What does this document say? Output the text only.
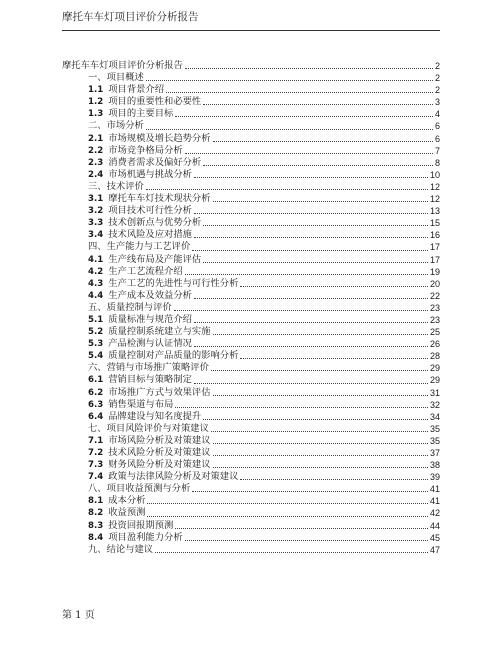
摩托车车灯项目评价分析报告
摩托车车灯项目评价分析报告	2
一、项目概述	2
1.1 项目背景介绍	2
1.2 项目的重要性和必要性	3
1.3 项目的主要目标	4
二、市场分析	6
2.1 市场规模及增长趋势分析	6
2.2 市场竞争格局分析	7
2.3 消费者需求及偏好分析	8
2.4 市场机遇与挑战分析	10
三、技术评价	12
3.1 摩托车车灯技术现状分析	12
3.2 项目技术可行性分析	13
3.3 技术创新点与优势分析	15
3.4 技术风险及应对措施	16
四、生产能力与工艺评价	17
4.1 生产线布局及产能评估	17
4.2 生产工艺流程介绍	19
4.3 生产工艺的先进性与可行性分析	20
4.4 生产成本及效益分析	22
五、质量控制与评价	23
5.1 质量标准与规范介绍	23
5.2 质量控制系统建立与实施	25
5.3 产品检测与认证情况	26
5.4 质量控制对产品质量的影响分析	28
六、营销与市场推广策略评价	29
6.1 营销目标与策略制定	29
6.2 市场推广方式与效果评估	31
6.3 销售渠道与布局	32
6.4 品牌建设与知名度提升	34
七、项目风险评价与对策建议	35
7.1 市场风险分析及对策建议	35
7.2 技术风险分析及对策建议	37
7.3 财务风险分析及对策建议	38
7.4 政策与法律风险分析及对策建议	39
八、项目收益预测与分析	41
8.1 成本分析	41
8.2 收益预测	42
8.3 投资回报期预测	44
8.4 项目盈利能力分析	45
九、结论与建议	47
第 1 页
